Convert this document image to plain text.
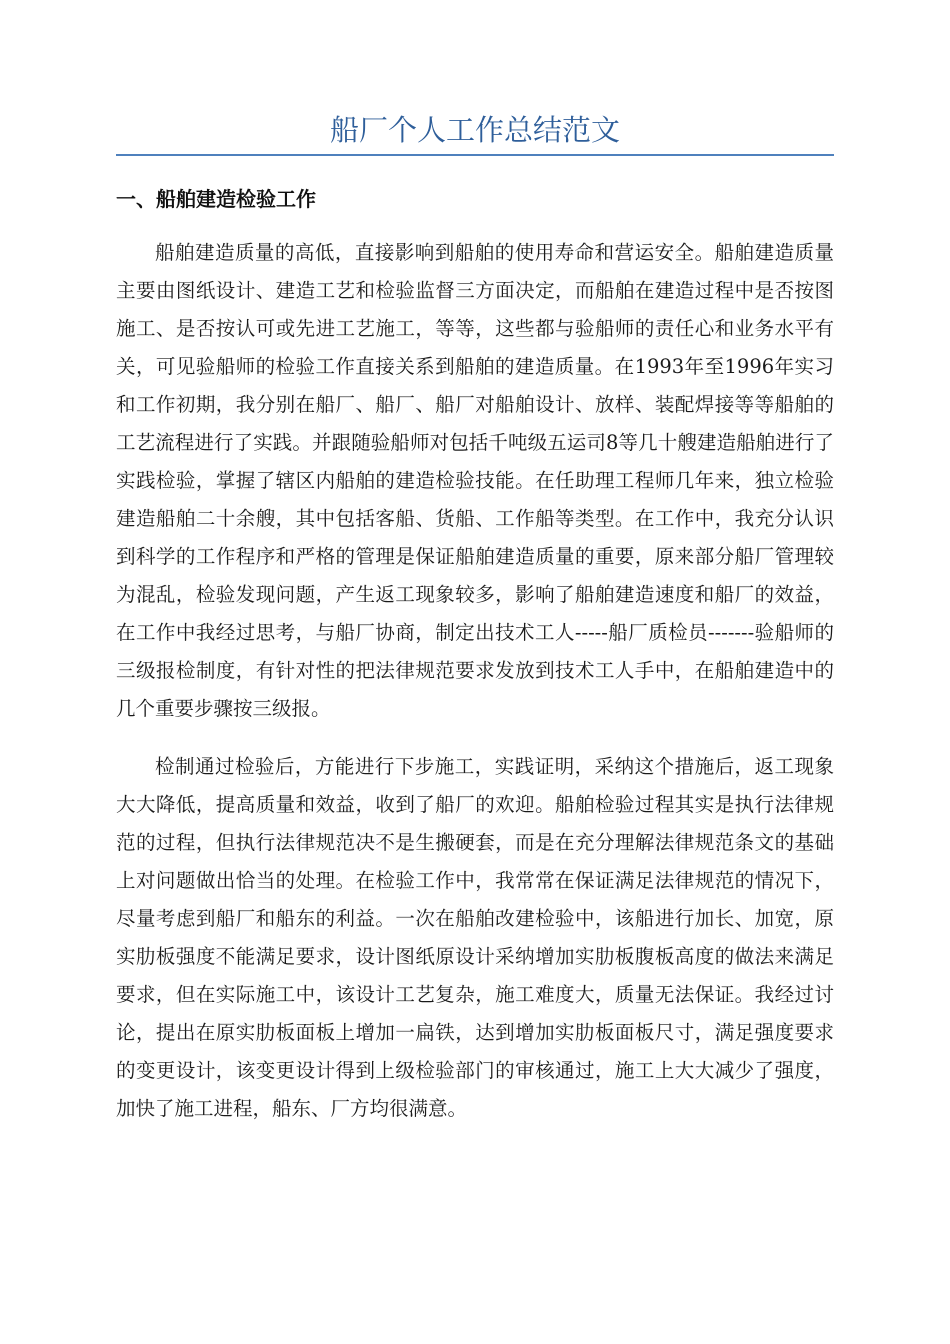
船厂个人工作总结范文
一、船舶建造检验工作

船舶建造质量的高低，直接影响到船舶的使用寿命和营运安全。船舶建造质量主要由图纸设计、建造工艺和检验监督三方面决定，而船舶在建造过程中是否按图施工、是否按认可或先进工艺施工，等等，这些都与验船师的责任心和业务水平有关，可见验船师的检验工作直接关系到船舶的建造质量。在1993年至1996年实习和工作初期，我分别在船厂、船厂、船厂对船舶设计、放样、装配焊接等等船舶的工艺流程进行了实践。并跟随验船师对包括千吨级五运司8等几十艘建造船舶进行了实践检验，掌握了辖区内船舶的建造检验技能。在任助理工程师几年来，独立检验建造船舶二十余艘，其中包括客船、货船、工作船等类型。在工作中，我充分认识到科学的工作程序和严格的管理是保证船舶建造质量的重要，原来部分船厂管理较为混乱，检验发现问题，产生返工现象较多，影响了船舶建造速度和船厂的效益，在工作中我经过思考，与船厂协商，制定出技术工人-----船厂质检员-------验船师的三级报检制度，有针对性的把法律规范要求发放到技术工人手中，在船舶建造中的几个重要步骤按三级报。

检制通过检验后，方能进行下步施工，实践证明，采纳这个措施后，返工现象大大降低，提高质量和效益，收到了船厂的欢迎。船舶检验过程其实是执行法律规范的过程，但执行法律规范决不是生搬硬套，而是在充分理解法律规范条文的基础上对问题做出恰当的处理。在检验工作中，我常常在保证满足法律规范的情况下，尽量考虑到船厂和船东的利益。一次在船舶改建检验中，该船进行加长、加宽，原实肋板强度不能满足要求，设计图纸原设计采纳增加实肋板腹板高度的做法来满足要求，但在实际施工中，该设计工艺复杂，施工难度大，质量无法保证。我经过讨论，提出在原实肋板面板上增加一扁铁，达到增加实肋板面板尺寸，满足强度要求的变更设计，该变更设计得到上级检验部门的审核通过，施工上大大减少了强度，加快了施工进程，船东、厂方均很满意。
